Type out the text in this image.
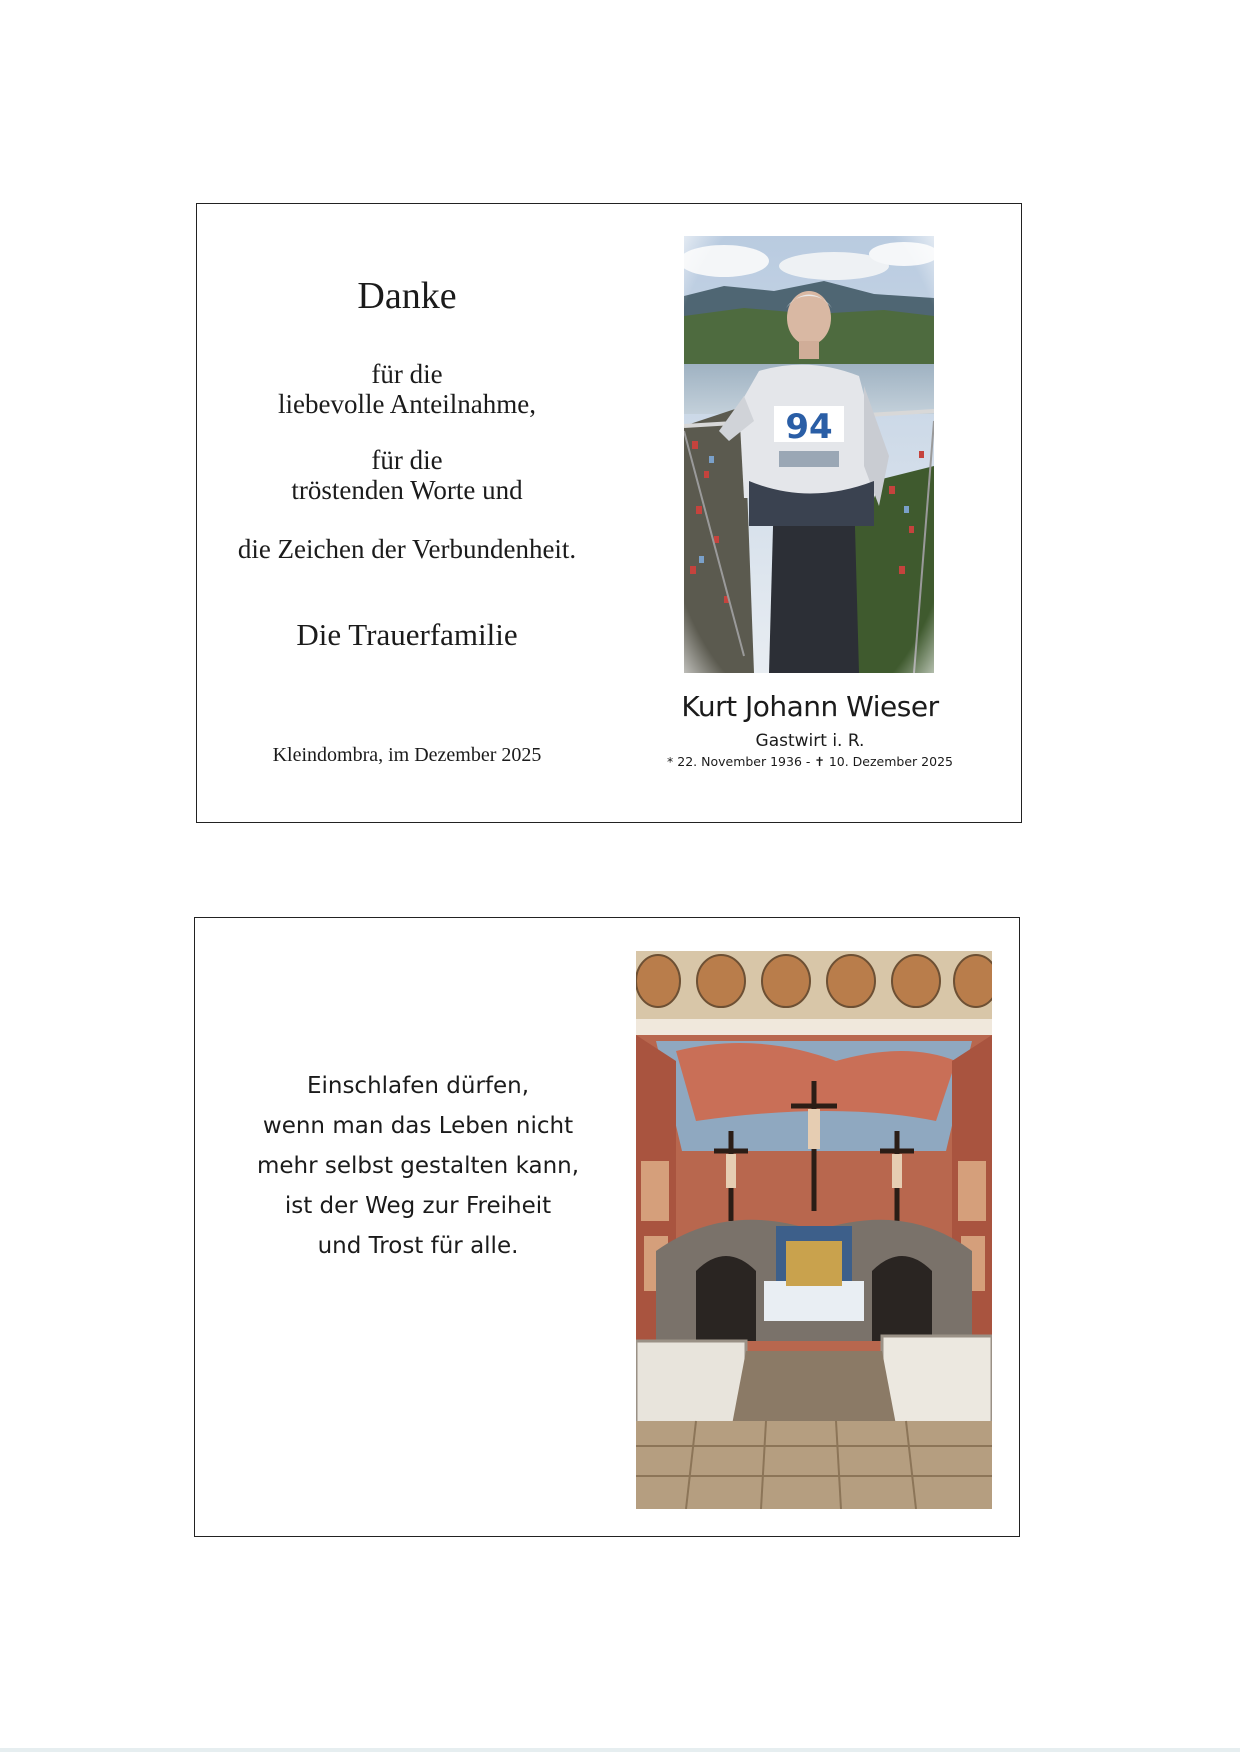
Danke
für die
liebevolle Anteilnahme,
für die
tröstenden Worte und
die Zeichen der Verbundenheit.
Die Trauerfamilie
Kleindombra, im Dezember 2025
Kurt Johann Wieser
Gastwirt i. R.
* 22. November 1936 - ✝ 10. Dezember 2025
Einschlafen dürfen,
wenn man das Leben nicht
mehr selbst gestalten kann,
ist der Weg zur Freiheit
und Trost für alle.
